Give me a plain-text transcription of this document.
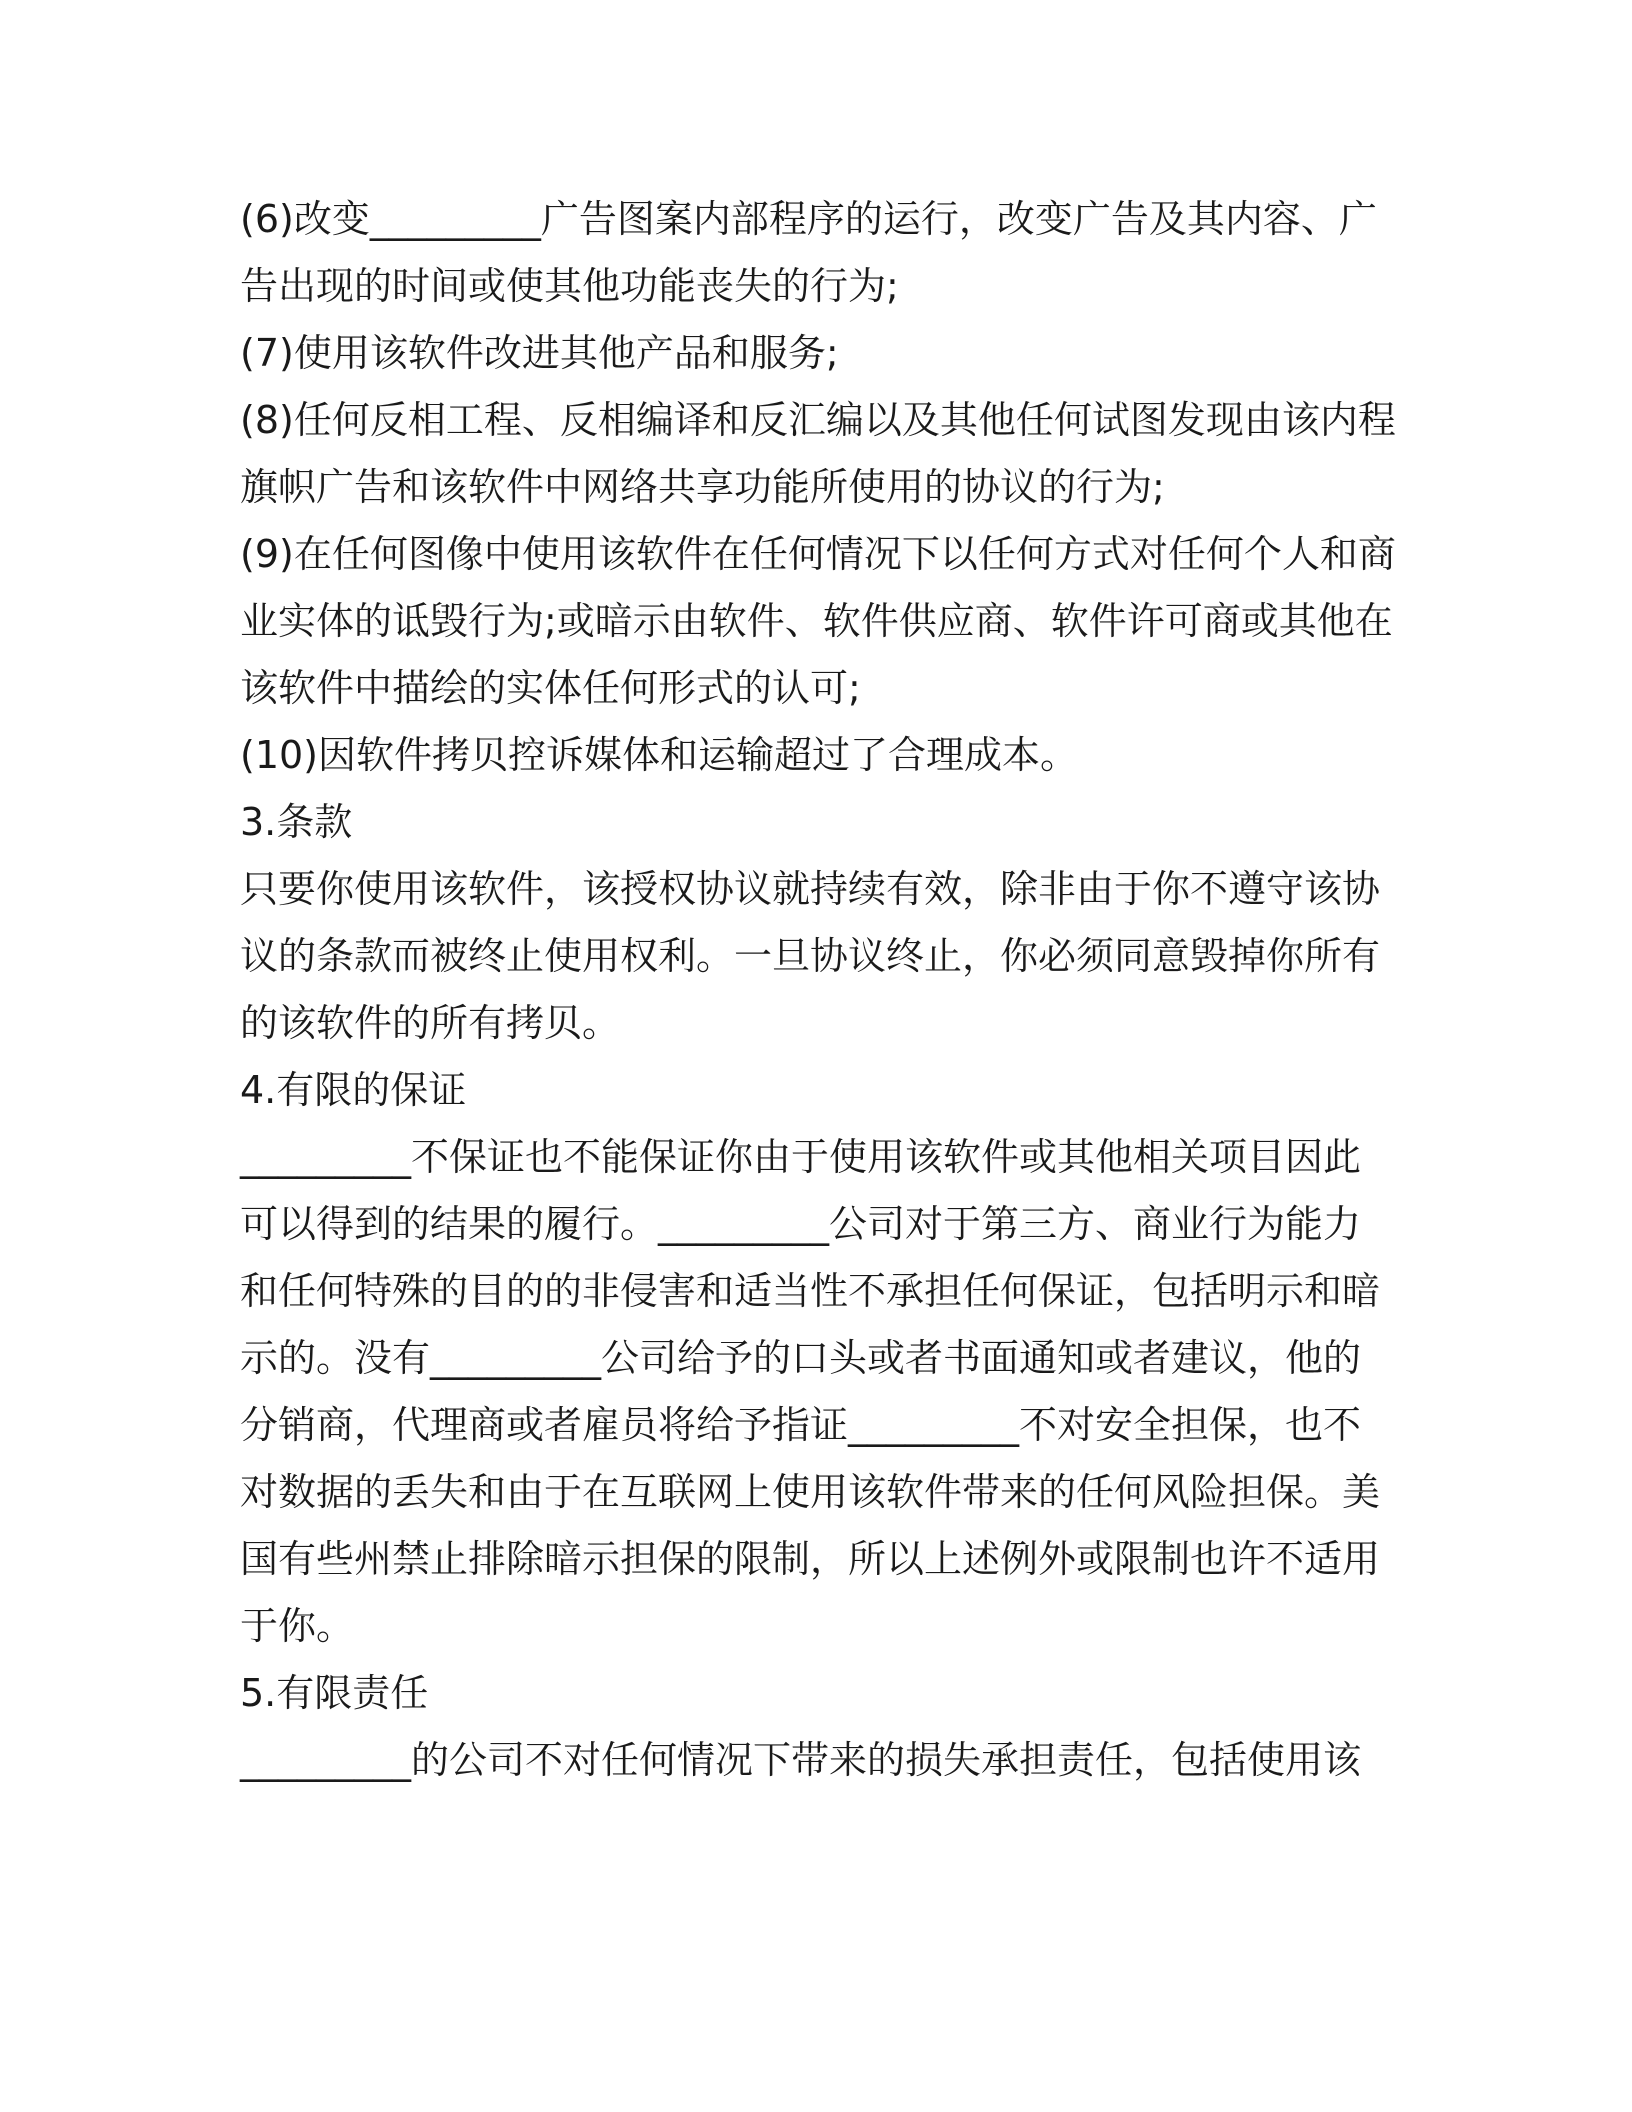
(6)改变_________广告图案内部程序的运行，改变广告及其内容、广
告出现的时间或使其他功能丧失的行为;
(7)使用该软件改进其他产品和服务;
(8)任何反相工程、反相编译和反汇编以及其他任何试图发现由该内程
旗帜广告和该软件中网络共享功能所使用的协议的行为;
(9)在任何图像中使用该软件在任何情况下以任何方式对任何个人和商
业实体的诋毁行为;或暗示由软件、软件供应商、软件许可商或其他在
该软件中描绘的实体任何形式的认可;
(10)因软件拷贝控诉媒体和运输超过了合理成本。
3.条款
只要你使用该软件，该授权协议就持续有效，除非由于你不遵守该协
议的条款而被终止使用权利。一旦协议终止，你必须同意毁掉你所有
的该软件的所有拷贝。
4.有限的保证
_________不保证也不能保证你由于使用该软件或其他相关项目因此
可以得到的结果的履行。_________公司对于第三方、商业行为能力
和任何特殊的目的的非侵害和适当性不承担任何保证，包括明示和暗
示的。没有_________公司给予的口头或者书面通知或者建议，他的
分销商，代理商或者雇员将给予指证_________不对安全担保，也不
对数据的丢失和由于在互联网上使用该软件带来的任何风险担保。美
国有些州禁止排除暗示担保的限制，所以上述例外或限制也许不适用
于你。
5.有限责任
_________的公司不对任何情况下带来的损失承担责任，包括使用该
